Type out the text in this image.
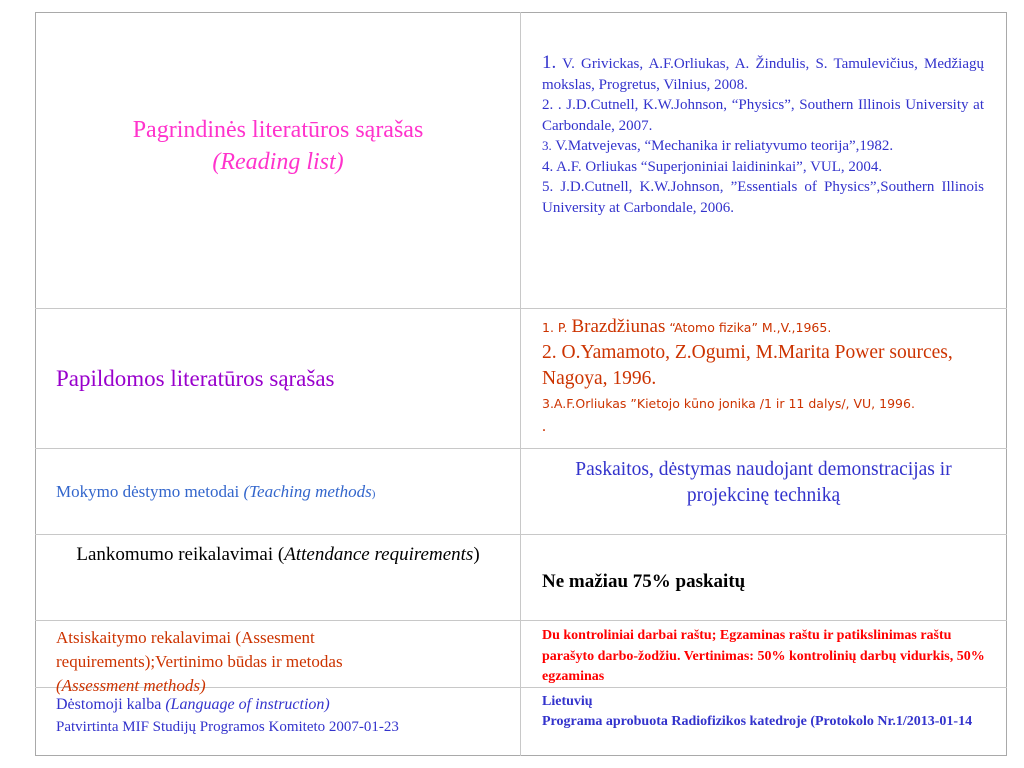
Pagrindinės literatūros sąrašas
(Reading list)

1. V. Grivickas, A.F.Orliukas, A. Žindulis, S. Tamulevičius, Medžiagų mokslas, Progretus, Vilnius, 2008.

2. . J.D.Cutnell, K.W.Johnson, “Physics”, Southern Illinois University at Carbondale, 2007.

3. V.Matvejevas, “Mechanika ir reliatyvumo teorija”,1982.

4. A.F. Orliukas “Superjoniniai laidininkai”, VUL, 2004.

5. J.D.Cutnell, K.W.Johnson, ”Essentials of Physics”,Southern Illinois University at Carbondale, 2006.

Papildomos literatūros sąrašas

1. P. Brazdžiunas “Atomo fizika” M.,V.,1965.

2. O.Yamamoto, Z.Ogumi, M.Marita Power sources, Nagoya, 1996.

3.A.F.Orliukas ”Kietojo kūno jonika /1 ir 11 dalys/, VU, 1996.

.

Mokymo dėstymo metodai (Teaching methods)
Paskaitos, dėstymas naudojant demonstracijas ir projekcinę techniką
Lankomumo reikalavimai (Attendance requirements)
Ne mažiau 75% paskaitų
Atsiskaitymo rekalavimai (Assesment
requirements);Vertinimo būdas ir metodas
(Assessment methods)
Du kontroliniai darbai raštu; Egzaminas raštu ir patikslinimas raštu parašyto darbo-žodžiu. Vertinimas: 50% kontrolinių darbų vidurkis, 50% egzaminas
Dėstomoji kalba (Language of instruction)
Patvirtinta MIF Studijų Programos Komiteto 2007-01-23
Lietuvių
Programa aprobuota Radiofizikos katedroje (Protokolo Nr.1/2013-01-14
